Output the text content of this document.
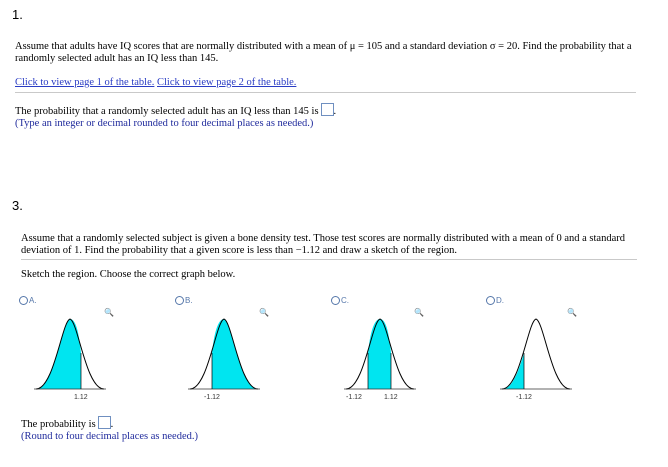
1.
Assume that adults have IQ scores that are normally distributed with a mean of μ = 105 and a standard deviation σ = 20. Find the probability that a
randomly selected adult has an IQ less than 145.
Click to view page 1 of the table. Click to view page 2 of the table.
The probability that a randomly selected adult has an IQ less than 145 is .
(Type an integer or decimal rounded to four decimal places as needed.)
3.
Assume that a randomly selected subject is given a bone density test. Those test scores are normally distributed with a mean of 0 and a standard
deviation of 1. Find the probability that a given score is less than −1.12 and draw a sketch of the region.
Sketch the region. Choose the correct graph below.
A.	B.	C.	D.
🔍	🔍	🔍	🔍
1.12	-1.12	-1.12	1.12	-1.12
The probability is .
(Round to four decimal places as needed.)
